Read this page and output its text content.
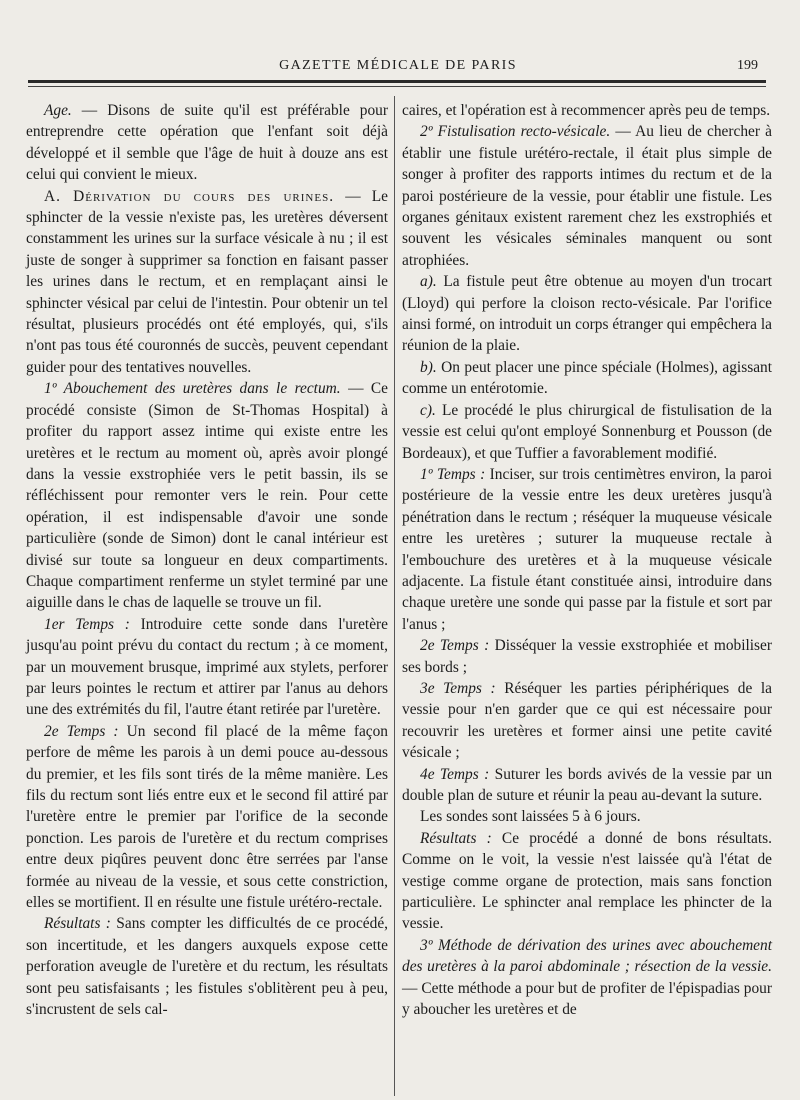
GAZETTE MÉDICALE DE PARIS	199

Age. — Disons de suite qu'il est préférable pour entreprendre cette opération que l'enfant soit déjà développé et il semble que l'âge de huit à douze ans est celui qui convient le mieux.

A. Dérivation du cours des urines. — Le sphincter de la vessie n'existe pas, les uretères déversent constamment les urines sur la surface vésicale à nu ; il est juste de songer à supprimer sa fonction en faisant passer les urines dans le rectum, et en remplaçant ainsi le sphincter vésical par celui de l'intestin. Pour obtenir un tel résultat, plusieurs procédés ont été employés, qui, s'ils n'ont pas tous été couronnés de succès, peuvent cependant guider pour des tentatives nouvelles.

1º Abouchement des uretères dans le rectum. — Ce procédé consiste (Simon de St-Thomas Hospital) à profiter du rapport assez intime qui existe entre les uretères et le rectum au moment où, après avoir plongé dans la vessie exstrophiée vers le petit bassin, ils se réfléchissent pour remonter vers le rein. Pour cette opération, il est indispensable d'avoir une sonde particulière (sonde de Simon) dont le canal intérieur est divisé sur toute sa longueur en deux compartiments. Chaque compartiment renferme un stylet terminé par une aiguille dans le chas de laquelle se trouve un fil.

1er Temps : Introduire cette sonde dans l'uretère jusqu'au point prévu du contact du rectum ; à ce moment, par un mouvement brusque, imprimé aux stylets, perforer par leurs pointes le rectum et attirer par l'anus au dehors une des extrémités du fil, l'autre étant retirée par l'uretère.

2e Temps : Un second fil placé de la même façon perfore de même les parois à un demi pouce au-dessous du premier, et les fils sont tirés de la même manière. Les fils du rectum sont liés entre eux et le second fil attiré par l'uretère entre le premier par l'orifice de la seconde ponction. Les parois de l'uretère et du rectum comprises entre deux piqûres peuvent donc être serrées par l'anse formée au niveau de la vessie, et sous cette constriction, elles se mortifient. Il en résulte une fistule urétéro-rectale.

Résultats : Sans compter les difficultés de ce procédé, son incertitude, et les dangers auxquels expose cette perforation aveugle de l'uretère et du rectum, les résultats sont peu satisfaisants ; les fistules s'oblitèrent peu à peu, s'incrustent de sels cal-

caires, et l'opération est à recommencer après peu de temps.

2º Fistulisation recto-vésicale. — Au lieu de chercher à établir une fistule urétéro-rectale, il était plus simple de songer à profiter des rapports intimes du rectum et de la paroi postérieure de la vessie, pour établir une fistule. Les organes génitaux existent rarement chez les exstrophiés et souvent les vésicales séminales manquent ou sont atrophiées.

a). La fistule peut être obtenue au moyen d'un trocart (Lloyd) qui perfore la cloison recto-vésicale. Par l'orifice ainsi formé, on introduit un corps étranger qui empêchera la réunion de la plaie.

b). On peut placer une pince spéciale (Holmes), agissant comme un entérotomie.

c). Le procédé le plus chirurgical de fistulisation de la vessie est celui qu'ont employé Sonnenburg et Pousson (de Bordeaux), et que Tuffier a favorablement modifié.

1º Temps : Inciser, sur trois centimètres environ, la paroi postérieure de la vessie entre les deux uretères jusqu'à pénétration dans le rectum ; réséquer la muqueuse vésicale entre les uretères ; suturer la muqueuse rectale à l'embouchure des uretères et à la muqueuse vésicale adjacente. La fistule étant constituée ainsi, introduire dans chaque uretère une sonde qui passe par la fistule et sort par l'anus ;

2e Temps : Disséquer la vessie exstrophiée et mobiliser ses bords ;

3e Temps : Réséquer les parties périphériques de la vessie pour n'en garder que ce qui est nécessaire pour recouvrir les uretères et former ainsi une petite cavité vésicale ;

4e Temps : Suturer les bords avivés de la vessie par un double plan de suture et réunir la peau au-devant la suture.

Les sondes sont laissées 5 à 6 jours.

Résultats : Ce procédé a donné de bons résultats. Comme on le voit, la vessie n'est laissée qu'à l'état de vestige comme organe de protection, mais sans fonction particulière. Le sphincter anal remplace les phincter de la vessie.

3º Méthode de dérivation des urines avec abouchement des uretères à la paroi abdominale ; résection de la vessie. — Cette méthode a pour but de profiter de l'épispadias pour y aboucher les uretères et de
